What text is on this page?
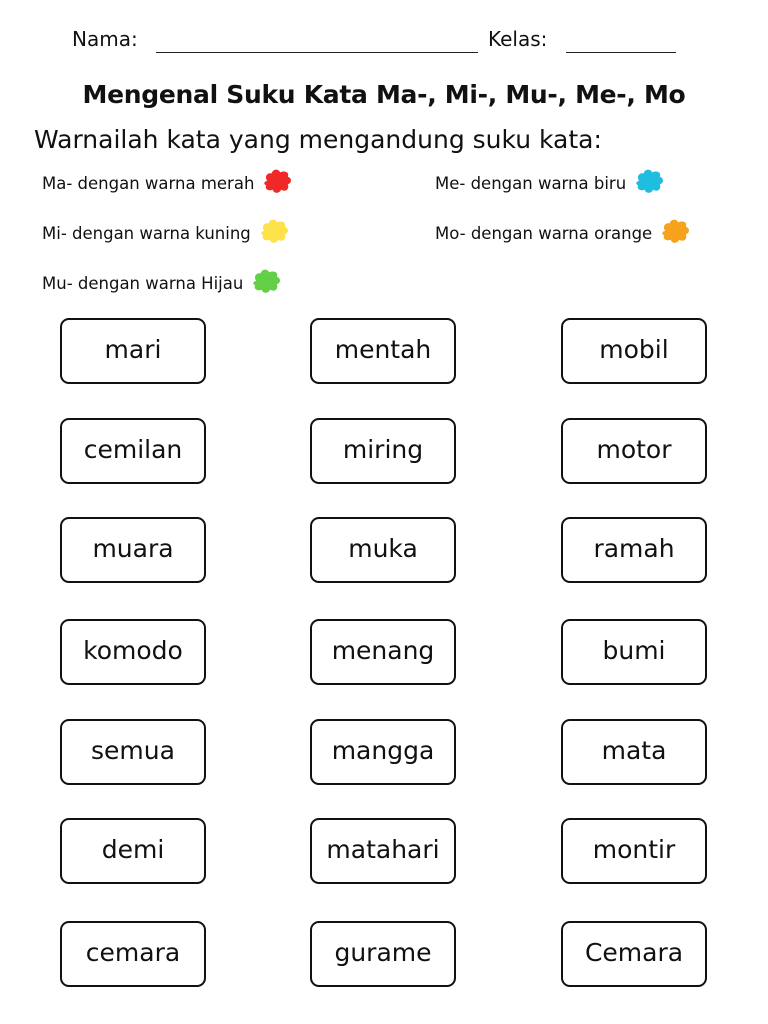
Nama:	Kelas:
Mengenal Suku Kata Ma-, Mi-, Mu-, Me-, Mo
Warnailah kata yang mengandung suku kata:
Ma- dengan warna merah	Me- dengan warna biru
Mi- dengan warna kuning	Mo- dengan warna orange
Mu- dengan warna Hijau
mari	mentah	mobil
cemilan	miring	motor
muara	muka	ramah
komodo	menang	bumi
semua	mangga	mata
demi	matahari	montir
cemara	gurame	Cemara
